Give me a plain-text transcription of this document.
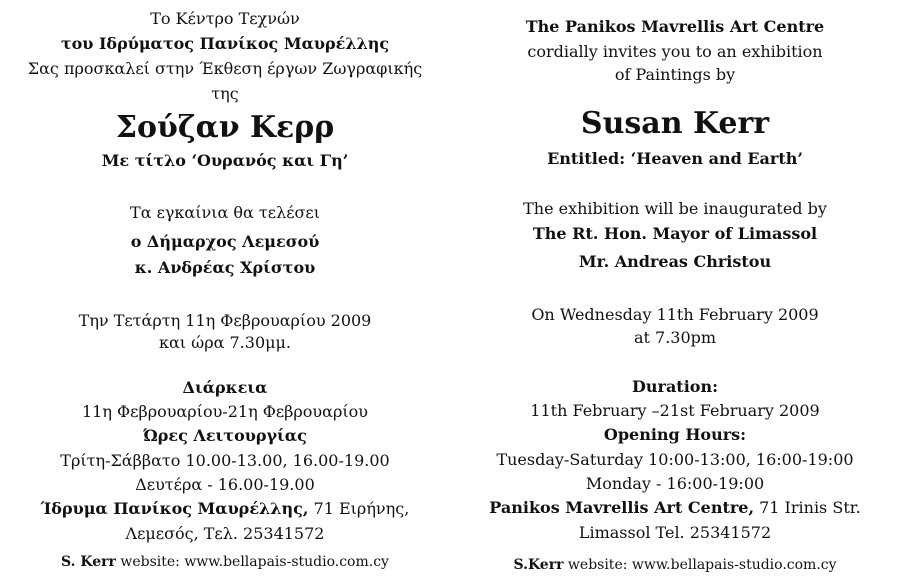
Το Κέντρο Τεχνών
του Ιδρύματος Πανίκος Μαυρέλλης
Σας προσκαλεί στην Έκθεση έργων Ζωγραφικής
της
Σούζαν Κερρ
Με τίτλο ‘Ουρανός και Γη’
Τα εγκαίνια θα τελέσει
ο Δήμαρχος Λεμεσού
κ. Ανδρέας Χρίστου
Την Τετάρτη 11η Φεβρουαρίου 2009
και ώρα 7.30μμ.
Διάρκεια
11η Φεβρουαρίου-21η Φεβρουαρίου
Ώρες Λειτουργίας
Τρίτη-Σάββατο 10.00-13.00, 16.00-19.00
Δευτέρα - 16.00-19.00
Ίδρυμα Πανίκος Μαυρέλλης, 71 Ειρήνης,
Λεμεσός, Τελ. 25341572
S. Kerr website: www.bellapais-studio.com.cy
The Panikos Mavrellis Art Centre
cordially invites you to an exhibition
of Paintings by
Susan Kerr
Entitled: ‘Heaven and Earth’
The exhibition will be inaugurated by
The Rt. Hon. Mayor of Limassol
Mr. Andreas Christou
On Wednesday 11th February 2009
at 7.30pm
Duration:
11th February –21st February 2009
Opening Hours:
Tuesday-Saturday 10:00-13:00, 16:00-19:00
Monday - 16:00-19:00
Panikos Mavrellis Art Centre, 71 Irinis Str.
Limassol Tel. 25341572
S.Kerr website: www.bellapais-studio.com.cy
